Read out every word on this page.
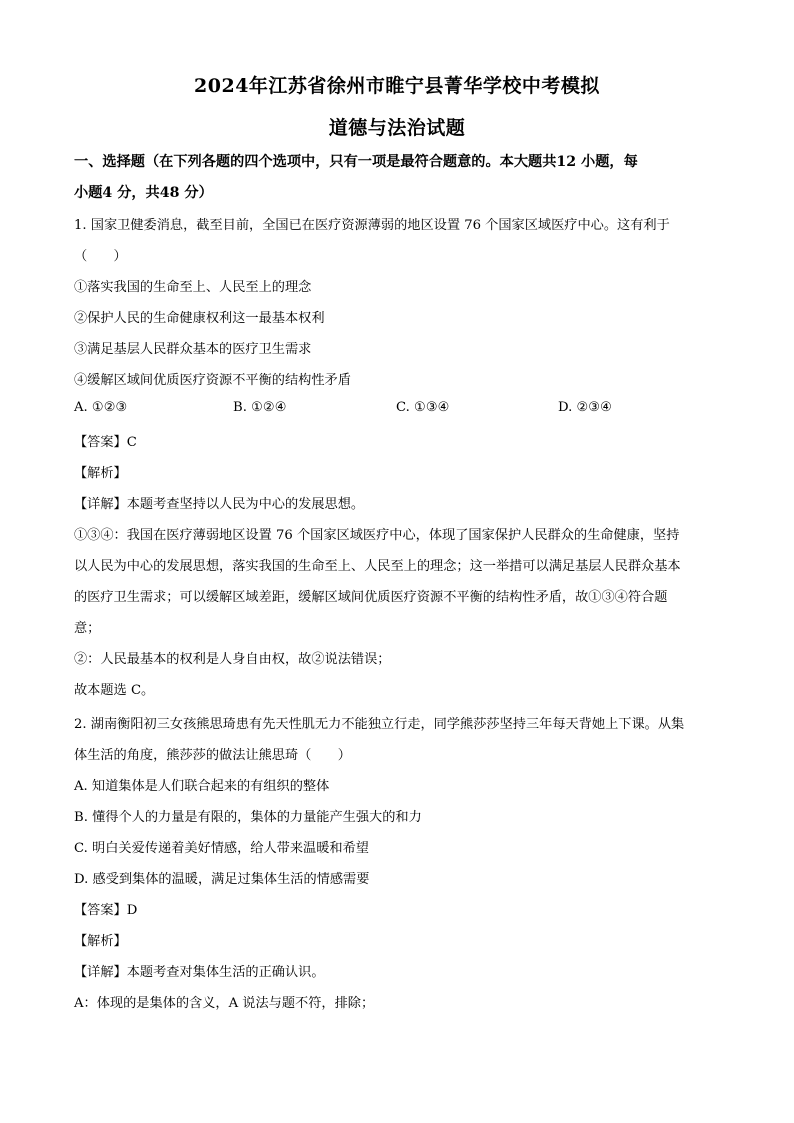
2024年江苏省徐州市睢宁县菁华学校中考模拟
道德与法治试题
一、选择题（在下列各题的四个选项中，只有一项是最符合题意的。本大题共12 小题，每
小题4 分，共48 分）
1. 国家卫健委消息，截至目前，全国已在医疗资源薄弱的地区设置 76 个国家区域医疗中心。这有利于
（　　）
①落实我国的生命至上、人民至上的理念
②保护人民的生命健康权利这一最基本权利
③满足基层人民群众基本的医疗卫生需求
④缓解区域间优质医疗资源不平衡的结构性矛盾
A. ①②③	B. ①②④	C. ①③④	D. ②③④
【答案】C
【解析】
【详解】本题考查坚持以人民为中心的发展思想。
①③④：我国在医疗薄弱地区设置 76 个国家区域医疗中心，体现了国家保护人民群众的生命健康，坚持
以人民为中心的发展思想，落实我国的生命至上、人民至上的理念；这一举措可以满足基层人民群众基本
的医疗卫生需求；可以缓解区域差距，缓解区域间优质医疗资源不平衡的结构性矛盾，故①③④符合题
意；
②：人民最基本的权利是人身自由权，故②说法错误；
故本题选 C。
2. 湖南衡阳初三女孩熊思琦患有先天性肌无力不能独立行走，同学熊莎莎坚持三年每天背她上下课。从集
体生活的角度，熊莎莎的做法让熊思琦（　　）
A. 知道集体是人们联合起来的有组织的整体
B. 懂得个人的力量是有限的，集体的力量能产生强大的和力
C. 明白关爱传递着美好情感，给人带来温暖和希望
D. 感受到集体的温暖，满足过集体生活的情感需要
【答案】D
【解析】
【详解】本题考查对集体生活的正确认识。
A：体现的是集体的含义，A 说法与题不符，排除；
